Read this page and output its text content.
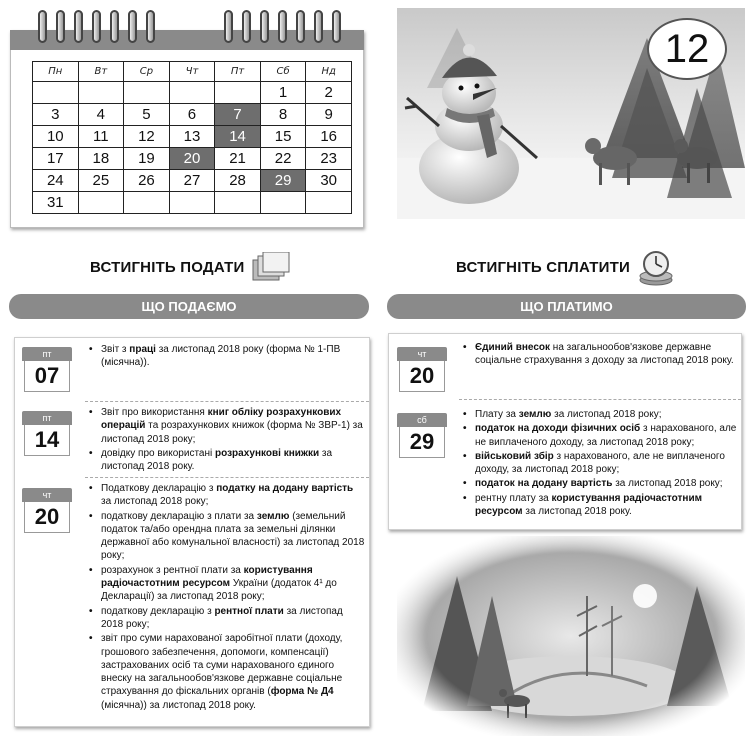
Пн	Вт	Ср	Чт	Пт	Сб	Нд
					1	2
3	4	5	6	7	8	9
10	11	12	13	14	15	16
17	18	19	20	21	22	23
24	25	26	27	28	29	30
31						
12
ВСТИГНІТЬ ПОДАТИ
ЩО ПОДАЄМО
пт
07
• Звіт з праці за листопад 2018 року (форма № 1-ПВ (місячна)).
пт
14
• Звіт про використання книг обліку розрахункових операцій та розрахункових книжок (форма № ЗВР-1) за листопад 2018 року;
• довідку про використані розрахункові книжки за листопад 2018 року.
чт
20
• Податкову декларацію з податку на додану вартість за листопад 2018 року;
• податкову декларацію з плати за землю (земельний податок та/або орендна плата за земельні ділянки державної або комунальної власності) за листопад 2018 року;
• розрахунок з рентної плати за користування радіочастотним ресурсом України (додаток 4¹ до Декларації) за листопад 2018 року;
• податкову декларацію з рентної плати за листопад 2018 року;
• звіт про суми нарахованої заробітної плати (доходу, грошового забезпечення, допомоги, компенсації) застрахованих осіб та суми нарахованого єдиного внеску на загальнообов'язкове державне соціальне страхування до фіскальних органів (форма № Д4 (місячна)) за листопад 2018 року.
ВСТИГНІТЬ СПЛАТИТИ
ЩО ПЛАТИМО
чт
20
• Єдиний внесок на загальнообов'язкове державне соціальне страхування з доходу за листопад 2018 року.
сб
29
• Плату за землю за листопад 2018 року;
• податок на доходи фізичних осіб з нарахованого, але не виплаченого доходу, за листопад 2018 року;
• військовий збір з нарахованого, але не виплаченого доходу, за листопад 2018 року;
• податок на додану вартість за листопад 2018 року;
• рентну плату за користування радіочастотним ресурсом за листопад 2018 року.
